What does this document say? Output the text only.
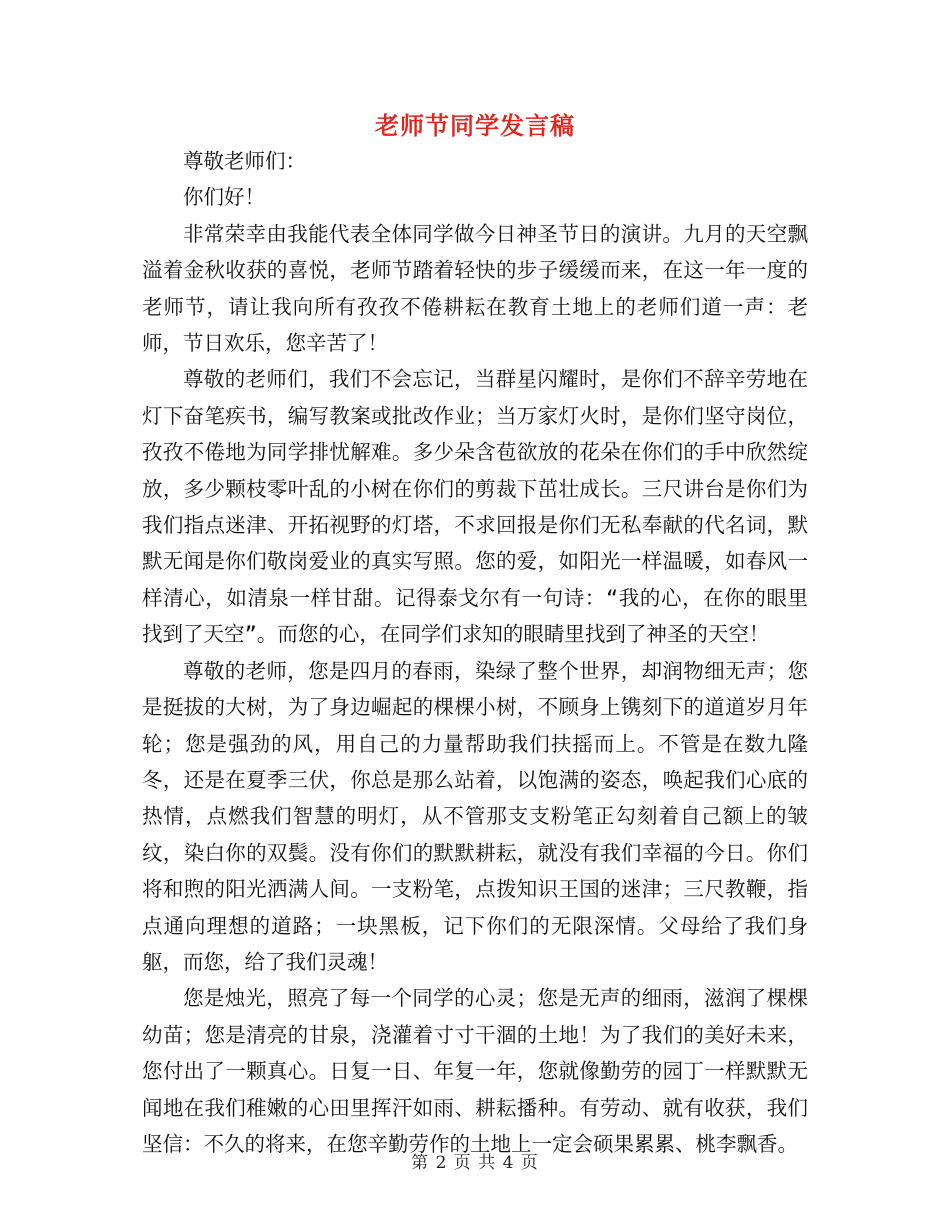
老师节同学发言稿

尊敬老师们：

你们好！

非常荣幸由我能代表全体同学做今日神圣节日的演讲。九月的天空飘溢着金秋收获的喜悦，老师节踏着轻快的步子缓缓而来，在这一年一度的老师节，请让我向所有孜孜不倦耕耘在教育土地上的老师们道一声：老师，节日欢乐，您辛苦了！

尊敬的老师们，我们不会忘记，当群星闪耀时，是你们不辞辛劳地在灯下奋笔疾书，编写教案或批改作业；当万家灯火时，是你们坚守岗位，孜孜不倦地为同学排忧解难。多少朵含苞欲放的花朵在你们的手中欣然绽放，多少颗枝零叶乱的小树在你们的剪裁下茁壮成长。三尺讲台是你们为我们指点迷津、开拓视野的灯塔，不求回报是你们无私奉献的代名词，默默无闻是你们敬岗爱业的真实写照。您的爱，如阳光一样温暖，如春风一样清心，如清泉一样甘甜。记得泰戈尔有一句诗：“我的心，在你的眼里找到了天空”。而您的心，在同学们求知的眼睛里找到了神圣的天空！

尊敬的老师，您是四月的春雨，染绿了整个世界，却润物细无声；您是挺拔的大树，为了身边崛起的棵棵小树，不顾身上镌刻下的道道岁月年轮；您是强劲的风，用自己的力量帮助我们扶摇而上。不管是在数九隆冬，还是在夏季三伏，你总是那么站着，以饱满的姿态，唤起我们心底的热情，点燃我们智慧的明灯，从不管那支支粉笔正勾刻着自己额上的皱纹，染白你的双鬓。没有你们的默默耕耘，就没有我们幸福的今日。你们将和煦的阳光洒满人间。一支粉笔，点拨知识王国的迷津；三尺教鞭，指点通向理想的道路；一块黑板，记下你们的无限深情。父母给了我们身躯，而您，给了我们灵魂！

您是烛光，照亮了每一个同学的心灵；您是无声的细雨，滋润了棵棵幼苗；您是清亮的甘泉，浇灌着寸寸干涸的土地！为了我们的美好未来，您付出了一颗真心。日复一日、年复一年，您就像勤劳的园丁一样默默无闻地在我们稚嫩的心田里挥汗如雨、耕耘播种。有劳动、就有收获，我们坚信：不久的将来，在您辛勤劳作的土地上一定会硕果累累、桃李飘香。

第 2 页 共 4 页
